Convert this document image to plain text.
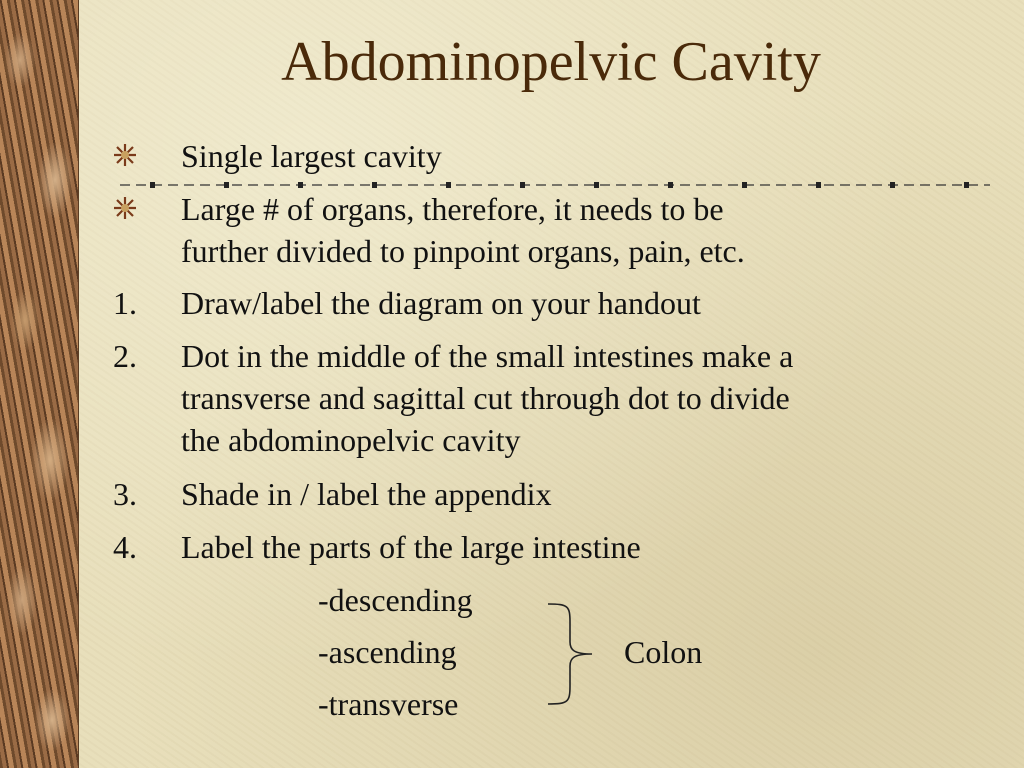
Abdominopelvic Cavity
Single largest cavity
Large # of organs, therefore, it needs to be
further divided to pinpoint organs, pain, etc.
1. Draw/label the diagram on your handout
2. Dot in the middle of the small intestines make a
transverse and sagittal cut through dot to divide
the abdominopelvic cavity
3. Shade in / label the appendix
4. Label the parts of the large intestine
-descending
-ascending
-transverse
Colon
